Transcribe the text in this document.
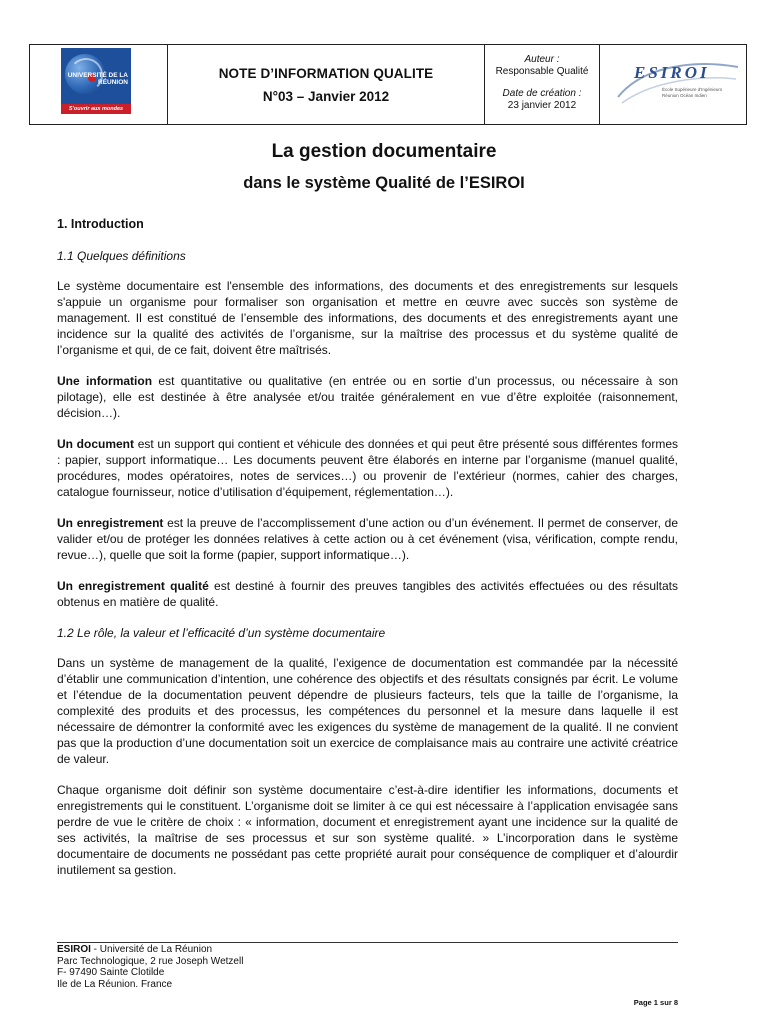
UNIVERSITÉ DE LA RÉUNION
S'ouvrir aux mondes
NOTE D’INFORMATION QUALITE
N°03 – Janvier 2012
Auteur :
Responsable Qualité
Date de création :
23 janvier 2012
ESIROI
École Supérieure d'Ingénieurs Réunion Océan Indien
La gestion documentaire
dans le système Qualité de l’ESIROI
1. Introduction
1.1 Quelques définitions

Le système documentaire est l'ensemble des informations, des documents et des enregistrements sur lesquels s'appuie un organisme pour formaliser son organisation et mettre en œuvre avec succès son système de management. Il est constitué de l’ensemble des informations, des documents et des enregistrements ayant une incidence sur la qualité des activités de l’organisme, sur la maîtrise des processus et du système qualité de l’organisme et qui, de ce fait, doivent être maîtrisés.

Une information est quantitative ou qualitative (en entrée ou en sortie d’un processus, ou nécessaire à son pilotage), elle est destinée à être analysée et/ou traitée généralement en vue d’être exploitée (raisonnement, décision…).

Un document est un support qui contient et véhicule des données et qui peut être présenté sous différentes formes : papier, support informatique… Les documents peuvent être élaborés en interne par l’organisme (manuel qualité, procédures, modes opératoires, notes de services…) ou provenir de l’extérieur (normes, cahier des charges, catalogue fournisseur, notice d’utilisation d’équipement, réglementation…).

Un enregistrement est la preuve de l’accomplissement d’une action ou d’un événement. Il permet de conserver, de valider et/ou de protéger les données relatives à cette action ou à cet événement (visa, vérification, compte rendu, revue…), quelle que soit la forme (papier, support informatique…).

Un enregistrement qualité est destiné à fournir des preuves tangibles des activités effectuées ou des résultats obtenus en matière de qualité.

1.2 Le rôle, la valeur et l’efficacité d’un système documentaire

Dans un système de management de la qualité, l’exigence de documentation est commandée par la nécessité d’établir une communication d’intention, une cohérence des objectifs et des résultats consignés par écrit. Le volume et l’étendue de la documentation peuvent dépendre de plusieurs facteurs, tels que la taille de l’organisme, la complexité des produits et des processus, les compétences du personnel et la mesure dans laquelle il est nécessaire de démontrer la conformité avec les exigences du système de management de la qualité. Il ne convient pas que la production d’une documentation soit un exercice de complaisance mais au contraire une activité créatrice de valeur.

Chaque organisme doit définir son système documentaire c’est-à-dire identifier les informations, documents et enregistrements qui le constituent. L’organisme doit se limiter à ce qui est nécessaire à l’application envisagée sans perdre de vue le critère de choix : « information, document et enregistrement ayant une incidence sur la qualité de ses activités, la maîtrise de ses processus et sur son système qualité. » L’incorporation dans le système documentaire de documents ne possédant pas cette propriété aurait pour conséquence de compliquer et d’alourdir inutilement sa gestion.

ESIROI - Université de La Réunion
Parc Technologique, 2 rue Joseph Wetzell
F- 97490 Sainte Clotilde
Ile de La Réunion. France
Page 1 sur 8
